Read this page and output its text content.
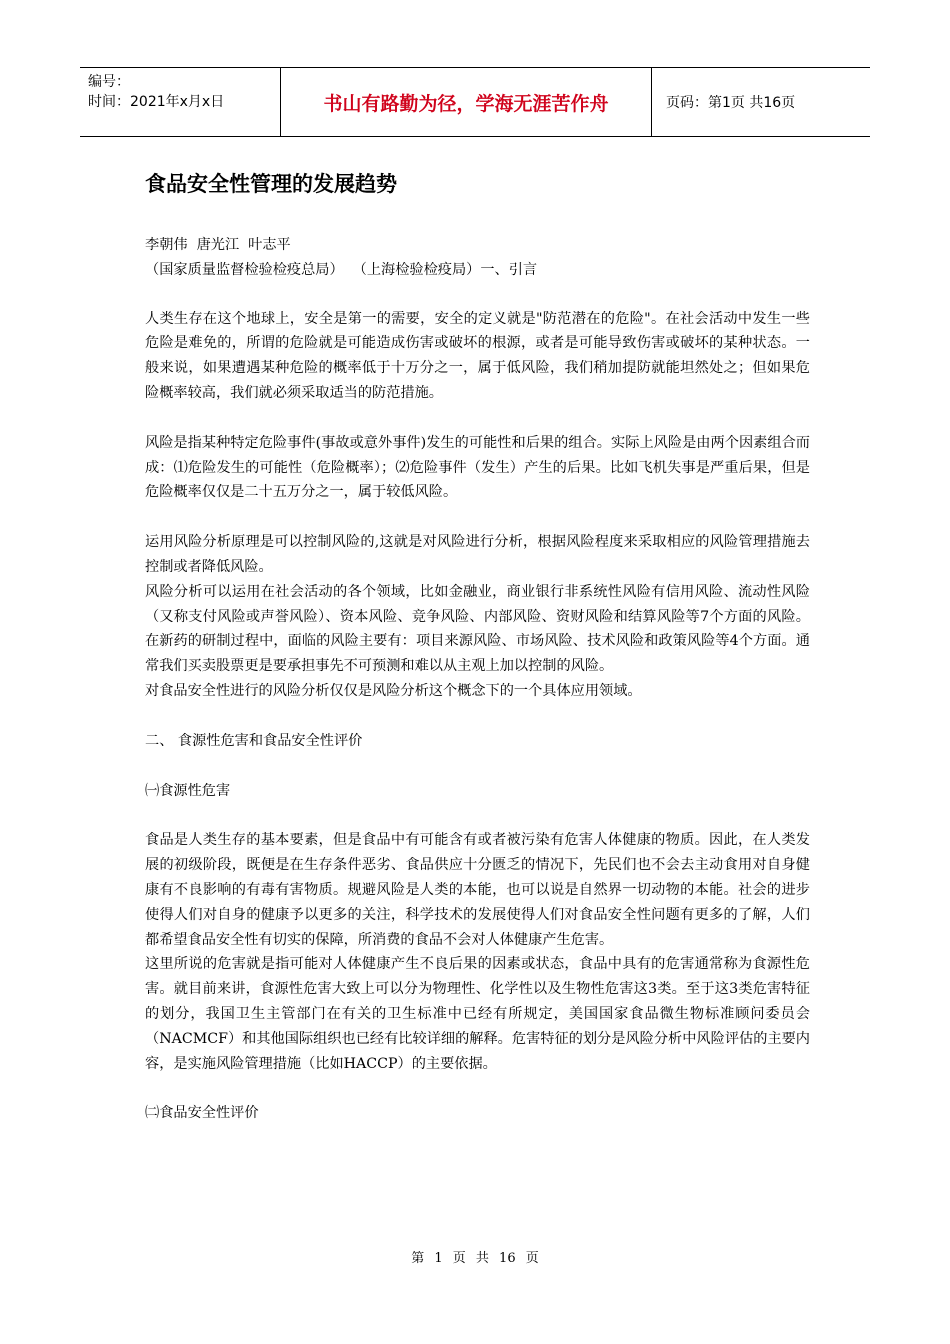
编号：
时间：2021年x月x日	书山有路勤为径，学海无涯苦作舟	页码：第1页 共16页
食品安全性管理的发展趋势

李朝伟  唐光江  叶志平

（国家质量监督检验检疫总局）  （上海检验检疫局）一、引言

人类生存在这个地球上，安全是第一的需要，安全的定义就是"防范潜在的危险"。在社会活动中发生一些危险是难免的，所谓的危险就是可能造成伤害或破坏的根源，或者是可能导致伤害或破坏的某种状态。一般来说，如果遭遇某种危险的概率低于十万分之一，属于低风险，我们稍加提防就能坦然处之；但如果危险概率较高，我们就必须采取适当的防范措施。

风险是指某种特定危险事件(事故或意外事件)发生的可能性和后果的组合。实际上风险是由两个因素组合而成：⑴危险发生的可能性（危险概率）；⑵危险事件（发生）产生的后果。比如飞机失事是严重后果，但是危险概率仅仅是二十五万分之一，属于较低风险。

运用风险分析原理是可以控制风险的,这就是对风险进行分析，根据风险程度来采取相应的风险管理措施去控制或者降低风险。

风险分析可以运用在社会活动的各个领域，比如金融业，商业银行非系统性风险有信用风险、流动性风险（又称支付风险或声誉风险）、资本风险、竞争风险、内部风险、资财风险和结算风险等7个方面的风险。在新药的研制过程中，面临的风险主要有：项目来源风险、市场风险、技术风险和政策风险等4个方面。通常我们买卖股票更是要承担事先不可预测和难以从主观上加以控制的风险。

对食品安全性进行的风险分析仅仅是风险分析这个概念下的一个具体应用领域。

二、 食源性危害和食品安全性评价

㈠食源性危害

食品是人类生存的基本要素，但是食品中有可能含有或者被污染有危害人体健康的物质。因此，在人类发展的初级阶段，既便是在生存条件恶劣、食品供应十分匮乏的情况下，先民们也不会去主动食用对自身健康有不良影响的有毒有害物质。规避风险是人类的本能，也可以说是自然界一切动物的本能。社会的进步使得人们对自身的健康予以更多的关注，科学技术的发展使得人们对食品安全性问题有更多的了解，人们都希望食品安全性有切实的保障，所消费的食品不会对人体健康产生危害。

这里所说的危害就是指可能对人体健康产生不良后果的因素或状态，食品中具有的危害通常称为食源性危害。就目前来讲，食源性危害大致上可以分为物理性、化学性以及生物性危害这3类。至于这3类危害特征的划分，我国卫生主管部门在有关的卫生标准中已经有所规定，美国国家食品微生物标准顾问委员会（NACMCF）和其他国际组织也已经有比较详细的解释。危害特征的划分是风险分析中风险评估的主要内容，是实施风险管理措施（比如HACCP）的主要依据。

㈡食品安全性评价

第 1 页 共 16 页
